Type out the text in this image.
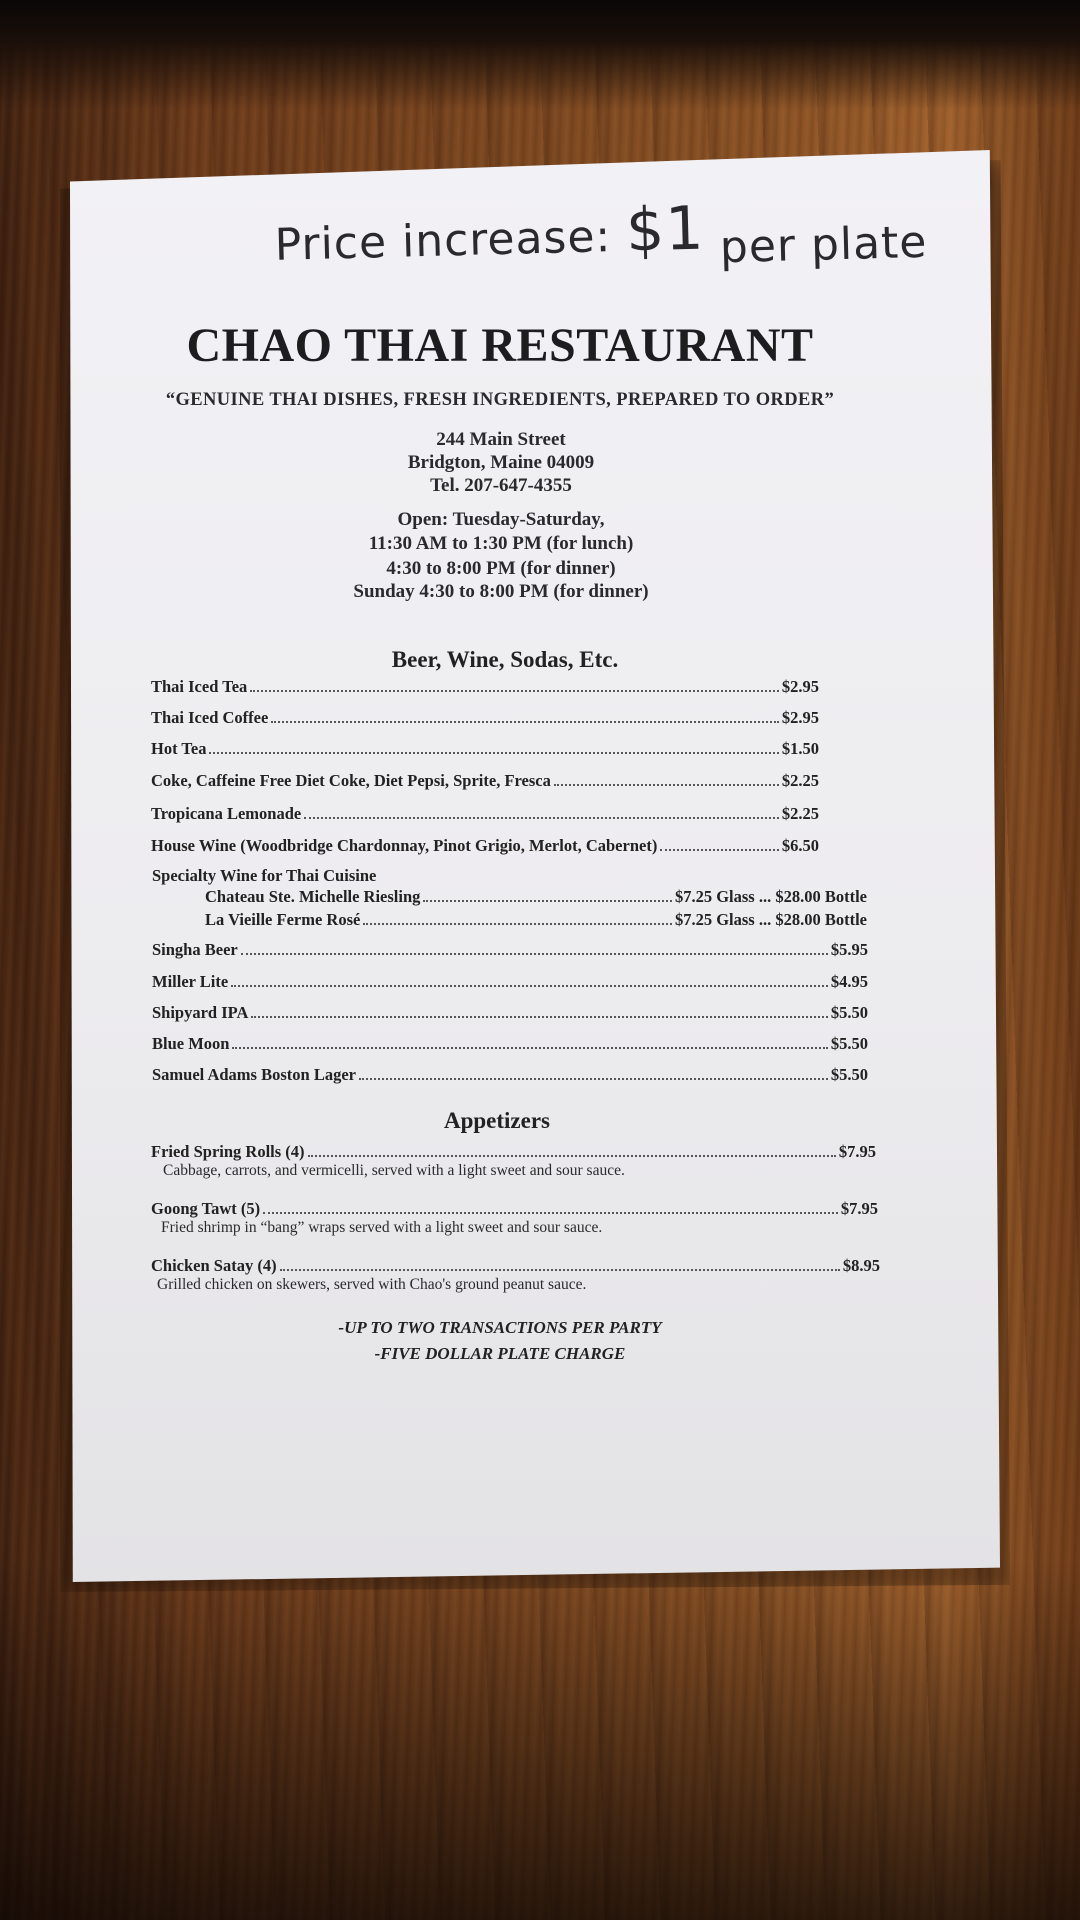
Price increase: $1 per plate
CHAO THAI RESTAURANT
“GENUINE THAI DISHES, FRESH INGREDIENTS, PREPARED TO ORDER”
244 Main Street
Bridgton, Maine 04009
Tel. 207-647-4355
Open: Tuesday-Saturday,
11:30 AM to 1:30 PM (for lunch)
4:30 to 8:00 PM (for dinner)
Sunday 4:30 to 8:00 PM (for dinner)
Beer, Wine, Sodas, Etc.
Thai Iced Tea	$2.95
Thai Iced Coffee	$2.95
Hot Tea	$1.50
Coke, Caffeine Free Diet Coke, Diet Pepsi, Sprite, Fresca	$2.25
Tropicana Lemonade	$2.25
House Wine (Woodbridge Chardonnay, Pinot Grigio, Merlot, Cabernet)	$6.50
Specialty Wine for Thai Cuisine
Chateau Ste. Michelle Riesling	$7.25 Glass ... $28.00 Bottle
La Vieille Ferme Rosé	$7.25 Glass ... $28.00 Bottle
Singha Beer	$5.95
Miller Lite	$4.95
Shipyard IPA	$5.50
Blue Moon	$5.50
Samuel Adams Boston Lager	$5.50
Appetizers
Fried Spring Rolls (4)	$7.95
Cabbage, carrots, and vermicelli, served with a light sweet and sour sauce.
Goong Tawt (5)	$7.95
Fried shrimp in “bang” wraps served with a light sweet and sour sauce.
Chicken Satay (4)	$8.95
Grilled chicken on skewers, served with Chao's ground peanut sauce.
-UP TO TWO TRANSACTIONS PER PARTY
-FIVE DOLLAR PLATE CHARGE
